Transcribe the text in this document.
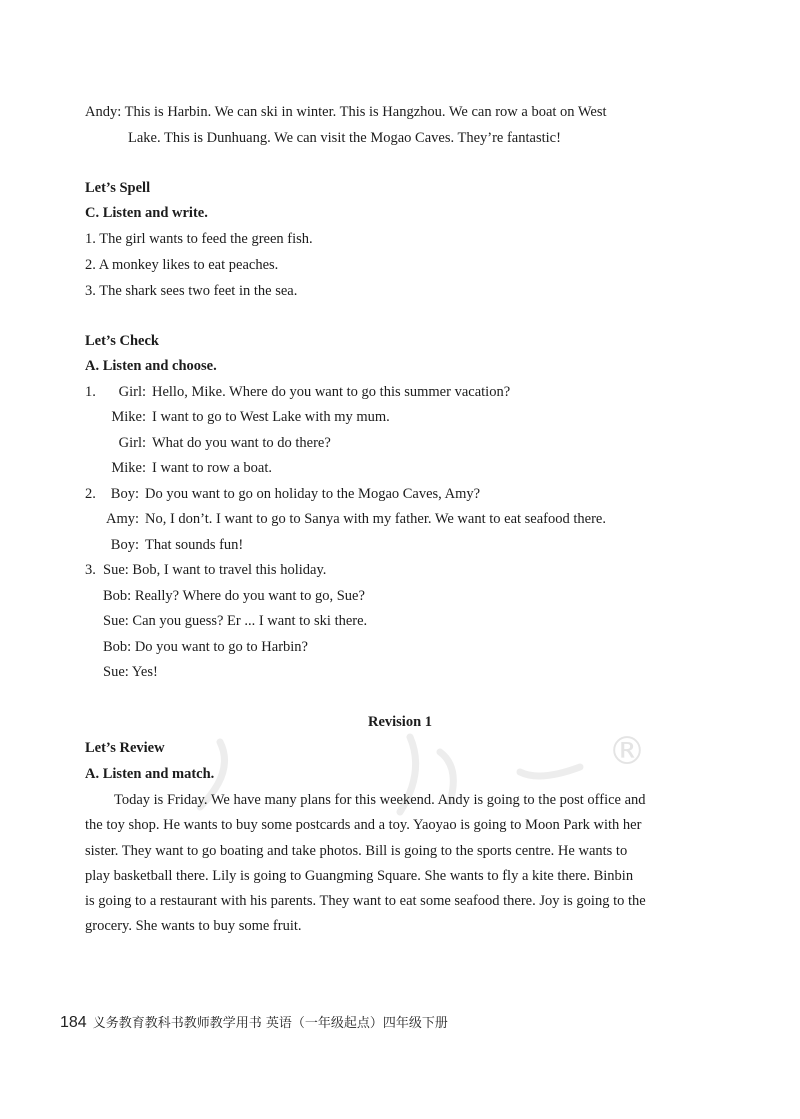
®
Andy: This is Harbin. We can ski in winter. This is Hangzhou. We can row a boat on West
Lake. This is Dunhuang. We can visit the Mogao Caves. They’re fantastic!
Let’s Spell
C. Listen and write.
1. The girl wants to feed the green fish.
2. A monkey likes to eat peaches.
3. The shark sees two feet in the sea.
Let’s Check
A. Listen and choose.
1. Girl: Hello, Mike. Where do you want to go this summer vacation?
Mike: I want to go to West Lake with my mum.
Girl: What do you want to do there?
Mike: I want to row a boat.
2. Boy: Do you want to go on holiday to the Mogao Caves, Amy?
Amy: No, I don’t. I want to go to Sanya with my father. We want to eat seafood there.
Boy: That sounds fun!
3. Sue: Bob, I want to travel this holiday.
Bob: Really? Where do you want to go, Sue?
Sue: Can you guess? Er ... I want to ski there.
Bob: Do you want to go to Harbin?
Sue: Yes!
Revision 1
Let’s Review
A. Listen and match.
Today is Friday. We have many plans for this weekend. Andy is going to the post office and
the toy shop. He wants to buy some postcards and a toy. Yaoyao is going to Moon Park with her
sister. They want to go boating and take photos. Bill is going to the sports centre. He wants to
play basketball there. Lily is going to Guangming Square. She wants to fly a kite there. Binbin
is going to a restaurant with his parents. They want to eat some seafood there. Joy is going to the
grocery. She wants to buy some fruit.
184 义务教育教科书教师教学用书 英语（一年级起点）四年级下册
